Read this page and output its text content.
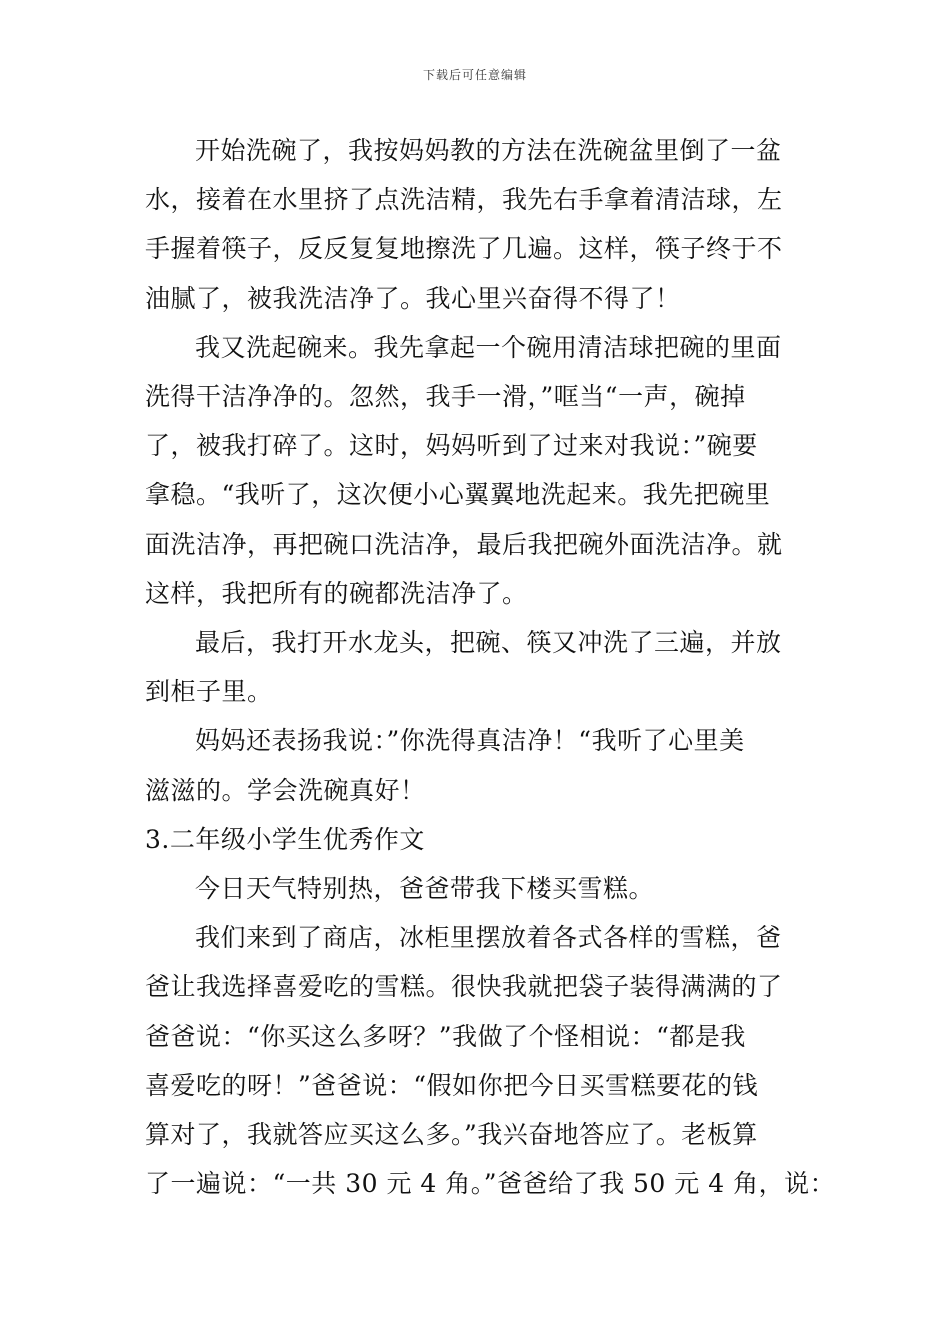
下载后可任意编辑
开始洗碗了，我按妈妈教的方法在洗碗盆里倒了一盆
水，接着在水里挤了点洗洁精，我先右手拿着清洁球，左
手握着筷子，反反复复地擦洗了几遍。这样，筷子终于不
油腻了，被我洗洁净了。我心里兴奋得不得了！
我又洗起碗来。我先拿起一个碗用清洁球把碗的里面
洗得干洁净净的。忽然，我手一滑，”哐当“一声，碗掉
了，被我打碎了。这时，妈妈听到了过来对我说：”碗要
拿稳。“我听了，这次便小心翼翼地洗起来。我先把碗里
面洗洁净，再把碗口洗洁净，最后我把碗外面洗洁净。就
这样，我把所有的碗都洗洁净了。
最后，我打开水龙头，把碗、筷又冲洗了三遍，并放
到柜子里。
妈妈还表扬我说：”你洗得真洁净！“我听了心里美
滋滋的。学会洗碗真好！
3.二年级小学生优秀作文
今日天气特别热，爸爸带我下楼买雪糕。
我们来到了商店，冰柜里摆放着各式各样的雪糕，爸
爸让我选择喜爱吃的雪糕。很快我就把袋子装得满满的了
爸爸说：“你买这么多呀？”我做了个怪相说：“都是我
喜爱吃的呀！”爸爸说：“假如你把今日买雪糕要花的钱
算对了，我就答应买这么多。”我兴奋地答应了。老板算
了一遍说：“一共 30 元 4 角。”爸爸给了我 50 元 4 角，说：
